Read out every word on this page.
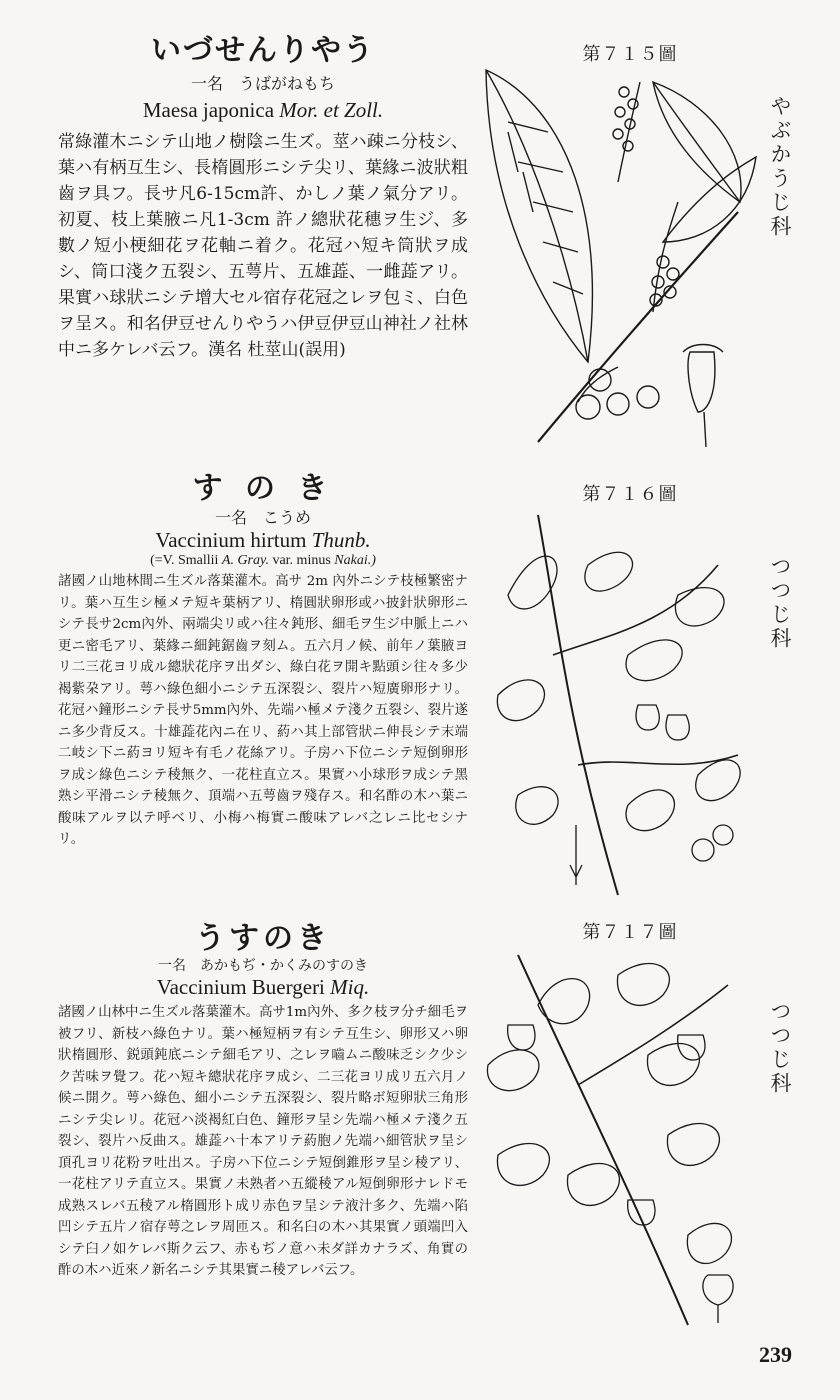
いづせんりやう
一名　うばがねもち
Maesa japonica Mor. et Zoll.
常綠灌木ニシテ山地ノ樹陰ニ生ズ。莖ハ疎ニ分枝シ、葉ハ有柄互生シ、長楕圓形ニシテ尖リ、葉緣ニ波狀粗齒ヲ具フ。長サ凡6-15cm許、かしノ葉ノ氣分アリ。初夏、枝上葉腋ニ凡1-3cm 許ノ總狀花穗ヲ生ジ、多數ノ短小梗細花ヲ花軸ニ着ク。花冠ハ短キ筒狀ヲ成シ、筒口淺ク五裂シ、五萼片、五雄蕋、一雌蕋アリ。果實ハ球狀ニシテ增大セル宿存花冠之レヲ包ミ、白色ヲ呈ス。和名伊豆せんりやうハ伊豆伊豆山神社ノ社林中ニ多ケレバ云フ。漢名 杜莖山(誤用)
す の き
一名　こうめ
Vaccinium hirtum Thunb.
(=V. Smallii A. Gray. var. minus Nakai.)
諸國ノ山地林間ニ生ズル落葉灌木。高サ 2m 內外ニシテ枝極繁密ナリ。葉ハ互生シ極メテ短キ葉柄アリ、楕圓狀卵形或ハ披針狀卵形ニシテ長サ2cm內外、兩端尖リ或ハ往々鈍形、細毛ヲ生ジ中脈上ニハ更ニ密毛アリ、葉緣ニ細鈍鋸齒ヲ刻ム。五六月ノ候、前年ノ葉腋ヨリ二三花ヨリ成ル總狀花序ヲ出ダシ、綠白花ヲ開キ點頭シ往々多少褐紫朶アリ。萼ハ綠色細小ニシテ五深裂シ、裂片ハ短廣卵形ナリ。花冠ハ鐘形ニシテ長サ5mm內外、先端ハ極メテ淺ク五裂シ、裂片遂ニ多少背反ス。十雄蕋花內ニ在リ、葯ハ其上部管狀ニ伸長シテ末端二岐シ下ニ葯ヨリ短キ有毛ノ花絲アリ。子房ハ下位ニシテ短倒卵形ヲ成シ綠色ニシテ稜無ク、一花柱直立ス。果實ハ小球形ヲ成シテ黑熟シ平滑ニシテ稜無ク、頂端ハ五萼齒ヲ殘存ス。和名酢の木ハ葉ニ酸味アルヲ以テ呼ベリ、小梅ハ梅實ニ酸味アレバ之レニ比セシナリ。
うすのき
一名　あかもぢ・かくみのすのき
Vaccinium Buergeri Miq.
諸國ノ山林中ニ生ズル落葉灌木。高サ1m內外、多ク枝ヲ分チ細毛ヲ被フリ、新枝ハ綠色ナリ。葉ハ極短柄ヲ有シテ互生シ、卵形又ハ卵狀楕圓形、鋭頭鈍底ニシテ細毛アリ、之レヲ嚙ムニ酸味乏シク少シク苦味ヲ覺フ。花ハ短キ總狀花序ヲ成シ、二三花ヨリ成リ五六月ノ候ニ開ク。萼ハ綠色、細小ニシテ五深裂シ、裂片略ボ短卵狀三角形ニシテ尖レリ。花冠ハ淡褐紅白色、鐘形ヲ呈シ先端ハ極メテ淺ク五裂シ、裂片ハ反曲ス。雄蕋ハ十本アリテ葯胞ノ先端ハ細管狀ヲ呈シ頂孔ヨリ花粉ヲ吐出ス。子房ハ下位ニシテ短倒錐形ヲ呈シ稜アリ、一花柱アリテ直立ス。果實ノ未熟者ハ五縱稜アル短倒卵形ナレドモ成熟スレバ五稜アル楕圓形ト成リ赤色ヲ呈シテ液汁多ク、先端ハ陷凹シテ五片ノ宿存萼之レヲ周匝ス。和名臼の木ハ其果實ノ頭端凹入シテ臼ノ如ケレバ斯ク云フ、赤もぢノ意ハ未ダ詳カナラズ、角實の酢の木ハ近來ノ新名ニシテ其果實ニ稜アレバ云フ。
第７１５圖
第７１６圖
第７１７圖
やぶかうじ科
つつじ科
つつじ科
239
